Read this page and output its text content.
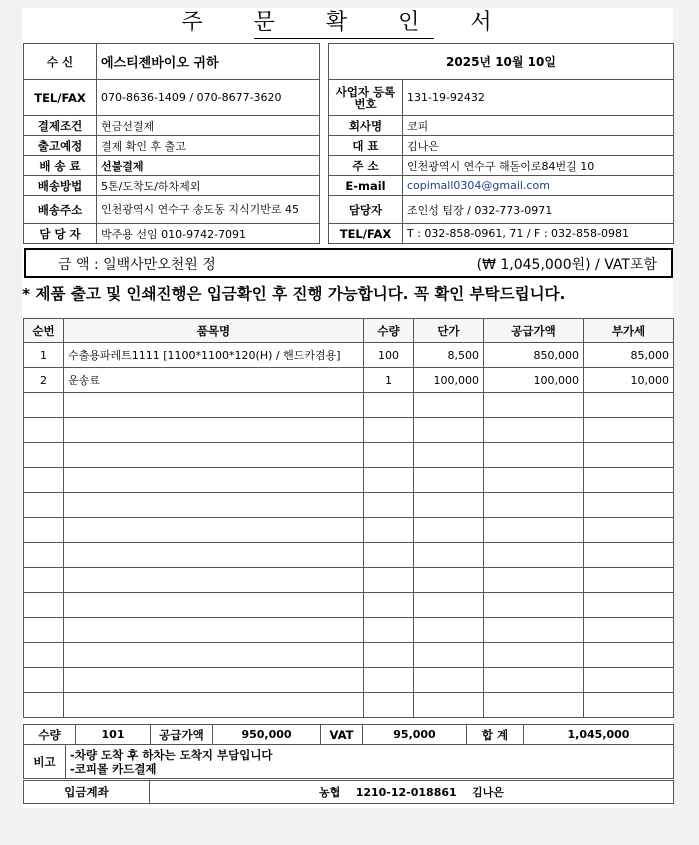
주 문 확 인 서
수 신	에스티젠바이오 귀하
TEL/FAX	070-8636-1409 / 070-8677-3620
결제조건	현금선결제
출고예정	결제 확인 후 출고
배 송 료	선불결제
배송방법	5톤/도착도/하차제외
배송주소	인천광역시 연수구 송도동 지식기반로 45
담 당 자	박주용 선임 010-9742-7091
2025년 10월 10일	
사업자 등록번호	131-19-92432
회사명	코피
대 표	김나은
주 소	인천광역시 연수구 해돋이로84번길 10
E-mail	copimall0304@gmail.com
담당자	조인성 팀장 / 032-773-0971
TEL/FAX	T : 032-858-0961, 71 / F : 032-858-0981
금 액 : 일백사만오천원 정	(₩ 1,045,000원) / VAT포함
* 제품 출고 및 인쇄진행은 입금확인 후 진행 가능합니다. 꼭 확인 부탁드립니다.
순번	품목명	수량	단가	공급가액	부가세
1	수출용파레트1111 [1100*1100*120(H) / 핸드카겸용]	100	8,500	850,000	85,000
2	운송료	1	100,000	100,000	10,000

수량	101	공급가액	950,000	VAT	95,000	합 계	1,045,000
비고	-차량 도착 후 하차는 도착지 부담입니다
-코피몰 카드결제
입금계좌	농협    1210-12-018861    김나은
